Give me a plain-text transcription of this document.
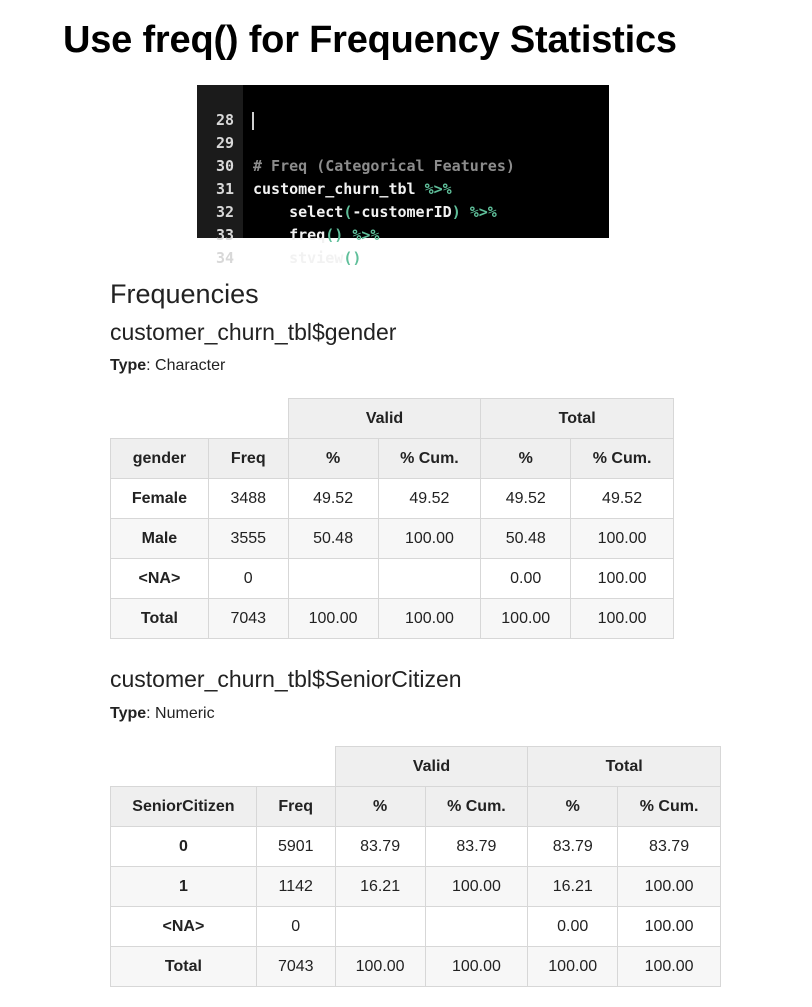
Use freq() for Frequency Statistics

28

29

# Freq (Categorical Features)

30

customer_churn_tbl %>%

31

select(-customerID) %>%

32

freq() %>%

33

stview()

34

Frequencies
customer_churn_tbl$gender
Type: Character
		Valid		Total	
gender	Freq	%	% Cum.	%	% Cum.
Female	3488	49.52	49.52	49.52	49.52
Male	3555	50.48	100.00	50.48	100.00
<NA>	0			0.00	100.00
Total	7043	100.00	100.00	100.00	100.00
customer_churn_tbl$SeniorCitizen
Type: Numeric
		Valid		Total	
SeniorCitizen	Freq	%	% Cum.	%	% Cum.
0	5901	83.79	83.79	83.79	83.79
1	1142	16.21	100.00	16.21	100.00
<NA>	0			0.00	100.00
Total	7043	100.00	100.00	100.00	100.00
